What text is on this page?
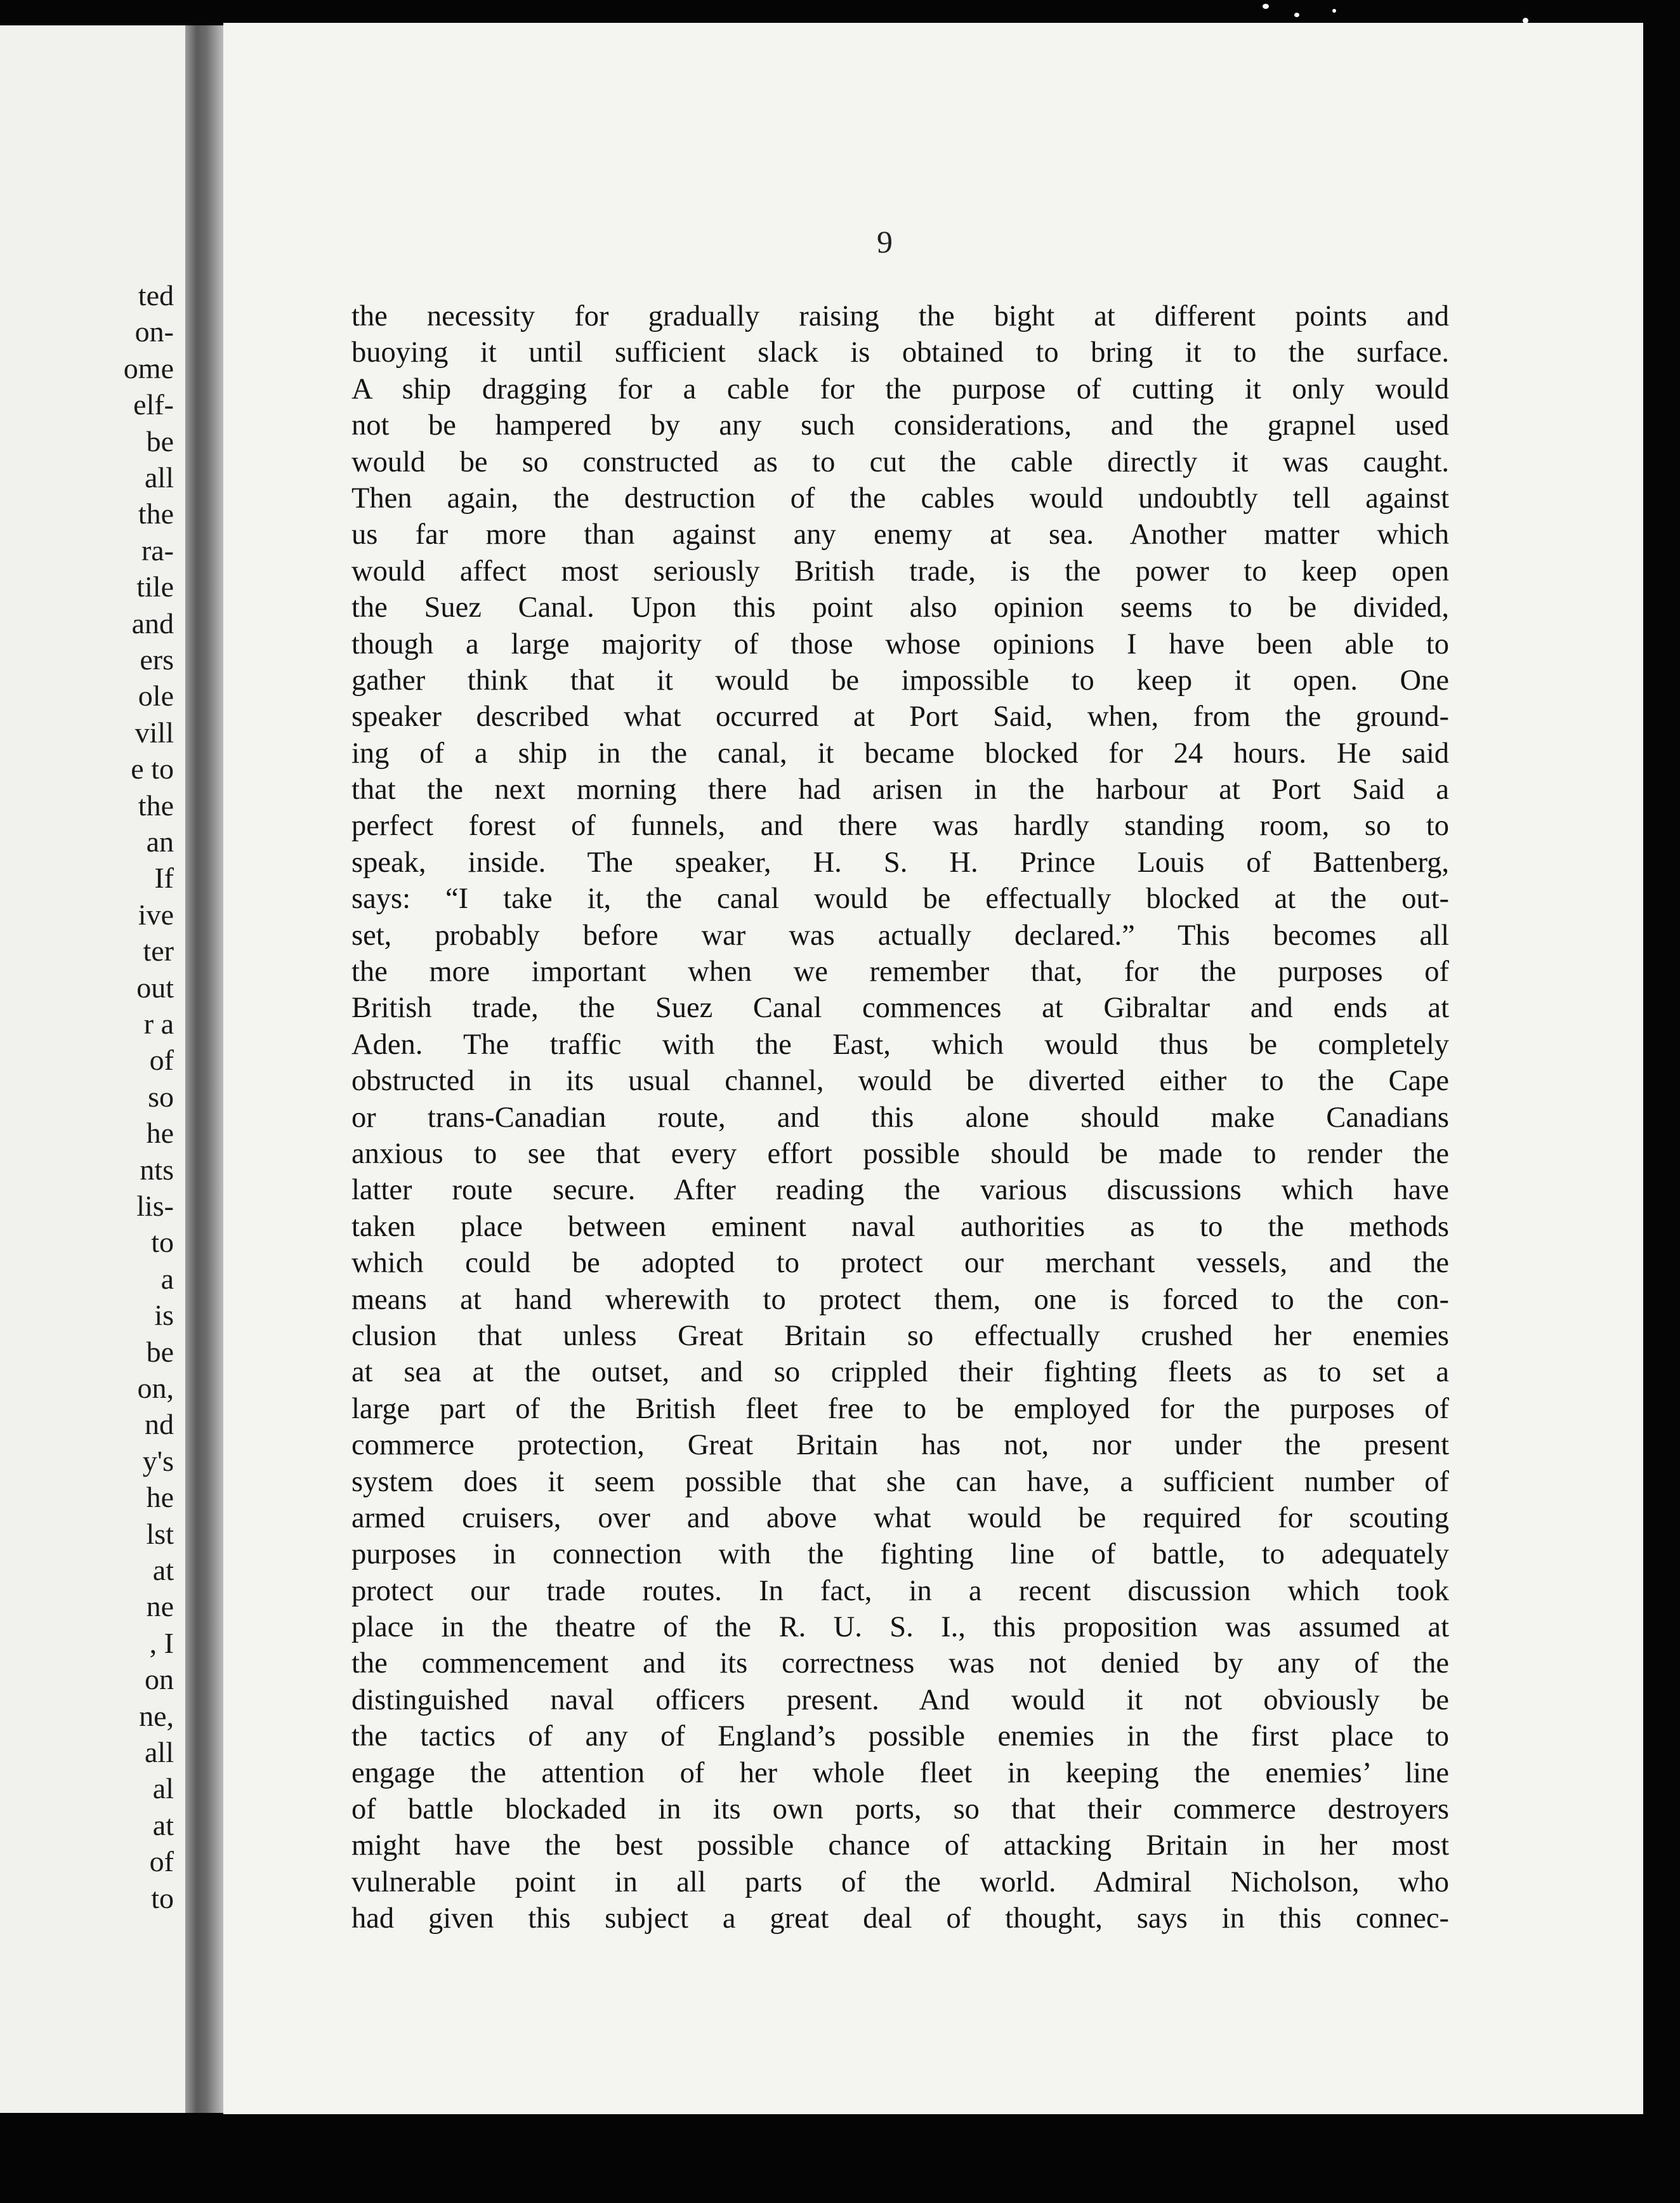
ted
on-
ome
elf-
be
all
the
ra-
tile
and
ers
ole
vill
e to
the
an
If
ive
ter
out
r a
of
so
he
nts
lis-
to
a
is
be
on,
nd
y's
he
lst
at
ne
, I
on
ne,
all
al
at
of
to
9
the necessity for gradually raising the bight at different points and
buoying it until sufficient slack is obtained to bring it to the surface.
A ship dragging for a cable for the purpose of cutting it only would
not be hampered by any such considerations, and the grapnel used
would be so constructed as to cut the cable directly it was caught.
Then again, the destruction of the cables would undoubtly tell against
us far more than against any enemy at sea. Another matter which
would affect most seriously British trade, is the power to keep open
the Suez Canal. Upon this point also opinion seems to be divided,
though a large majority of those whose opinions I have been able to
gather think that it would be impossible to keep it open. One
speaker described what occurred at Port Said, when, from the ground-
ing of a ship in the canal, it became blocked for 24 hours. He said
that the next morning there had arisen in the harbour at Port Said a
perfect forest of funnels, and there was hardly standing room, so to
speak, inside. The speaker, H. S. H. Prince Louis of Battenberg,
says: “I take it, the canal would be effectually blocked at the out-
set, probably before war was actually declared.” This becomes all
the more important when we remember that, for the purposes of
British trade, the Suez Canal commences at Gibraltar and ends at
Aden. The traffic with the East, which would thus be completely
obstructed in its usual channel, would be diverted either to the Cape
or trans-Canadian route, and this alone should make Canadians
anxious to see that every effort possible should be made to render the
latter route secure. After reading the various discussions which have
taken place between eminent naval authorities as to the methods
which could be adopted to protect our merchant vessels, and the
means at hand wherewith to protect them, one is forced to the con-
clusion that unless Great Britain so effectually crushed her enemies
at sea at the outset, and so crippled their fighting fleets as to set a
large part of the British fleet free to be employed for the purposes of
commerce protection, Great Britain has not, nor under the present
system does it seem possible that she can have, a sufficient number of
armed cruisers, over and above what would be required for scouting
purposes in connection with the fighting line of battle, to adequately
protect our trade routes. In fact, in a recent discussion which took
place in the theatre of the R. U. S. I., this proposition was assumed at
the commencement and its correctness was not denied by any of the
distinguished naval officers present. And would it not obviously be
the tactics of any of England’s possible enemies in the first place to
engage the attention of her whole fleet in keeping the enemies’ line
of battle blockaded in its own ports, so that their commerce destroyers
might have the best possible chance of attacking Britain in her most
vulnerable point in all parts of the world. Admiral Nicholson, who
had given this subject a great deal of thought, says in this connec-
